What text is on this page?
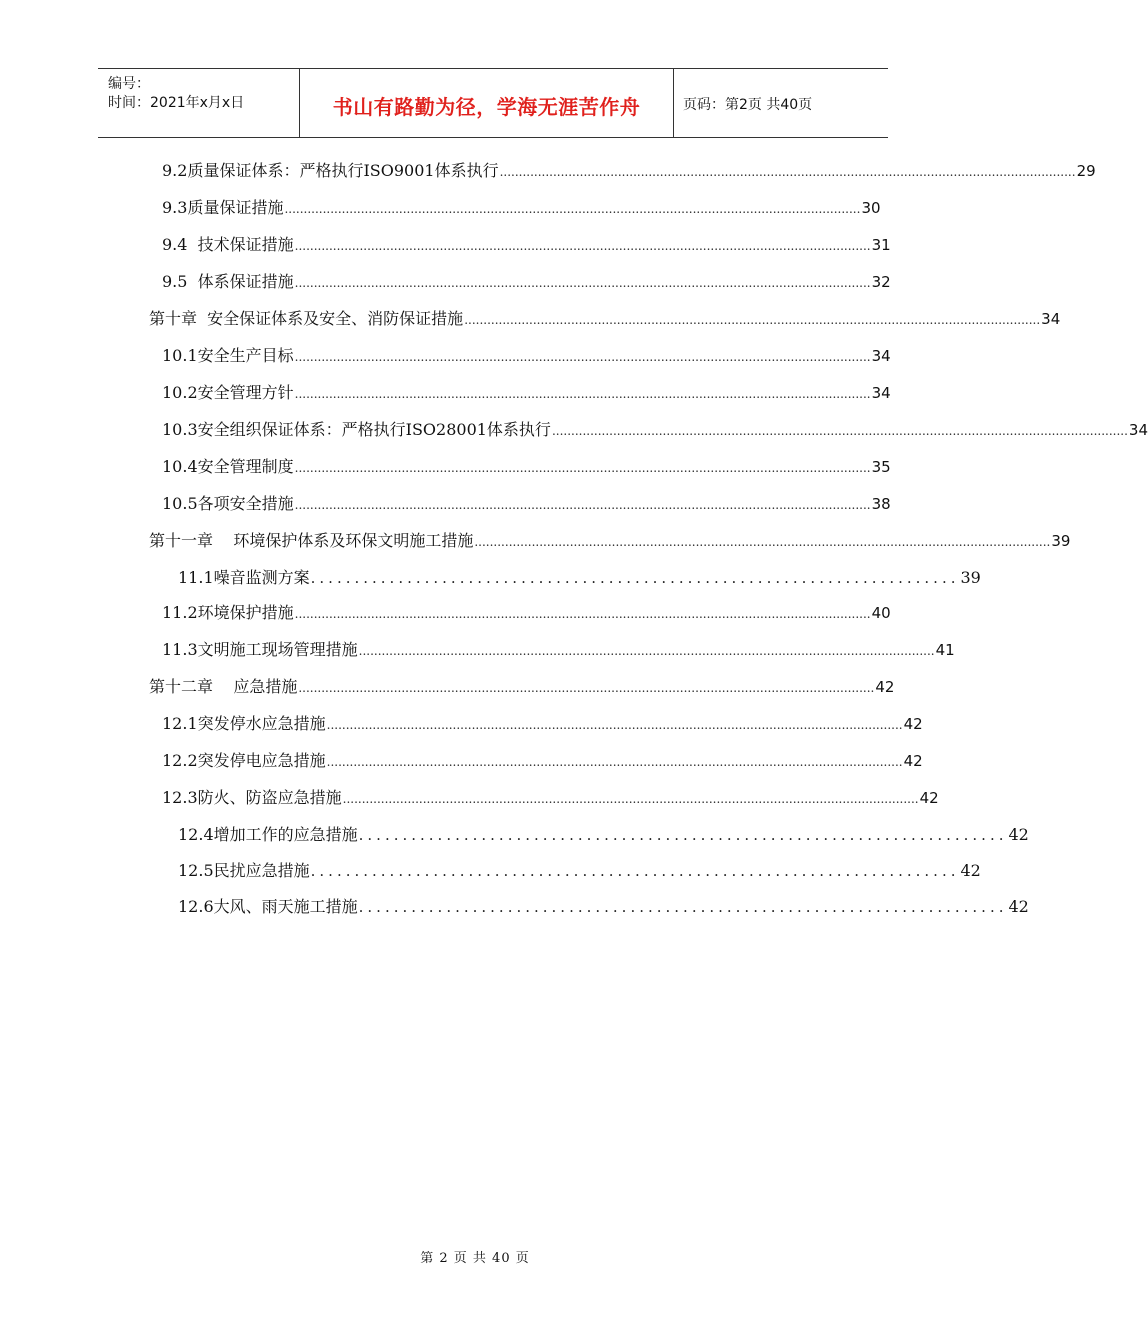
编号：
时间：2021年x月x日	书山有路勤为径，学海无涯苦作舟	页码：第2页 共40页
9.2质量保证体系：严格执行ISO9001体系执行 ....................................................................................................................................................... 29
9.3质量保证措施 ....................................................................................................................................................... 30
9.4  技术保证措施 ....................................................................................................................................................... 31
9.5  体系保证措施 ....................................................................................................................................................... 32
第十章  安全保证体系及安全、消防保证措施 ....................................................................................................................................................... 34
10.1安全生产目标 ....................................................................................................................................................... 34
10.2安全管理方针 ....................................................................................................................................................... 34
10.3安全组织保证体系：严格执行ISO28001体系执行 ....................................................................................................................................................... 34
10.4安全管理制度 ....................................................................................................................................................... 35
10.5各项安全措施 ....................................................................................................................................................... 38
第十一章    环境保护体系及环保文明施工措施 ....................................................................................................................................................... 39
11.1噪音监测方案 .......................................................................... 39
11.2环境保护措施 ....................................................................................................................................................... 40
11.3文明施工现场管理措施 ....................................................................................................................................................... 41
第十二章    应急措施 ....................................................................................................................................................... 42
12.1突发停水应急措施 ....................................................................................................................................................... 42
12.2突发停电应急措施 ....................................................................................................................................................... 42
12.3防火、防盗应急措施 ....................................................................................................................................................... 42
12.4增加工作的应急措施 .......................................................................... 42
12.5民扰应急措施 .......................................................................... 42
12.6大风、雨天施工措施 .......................................................................... 42
第 2 页 共 40 页
